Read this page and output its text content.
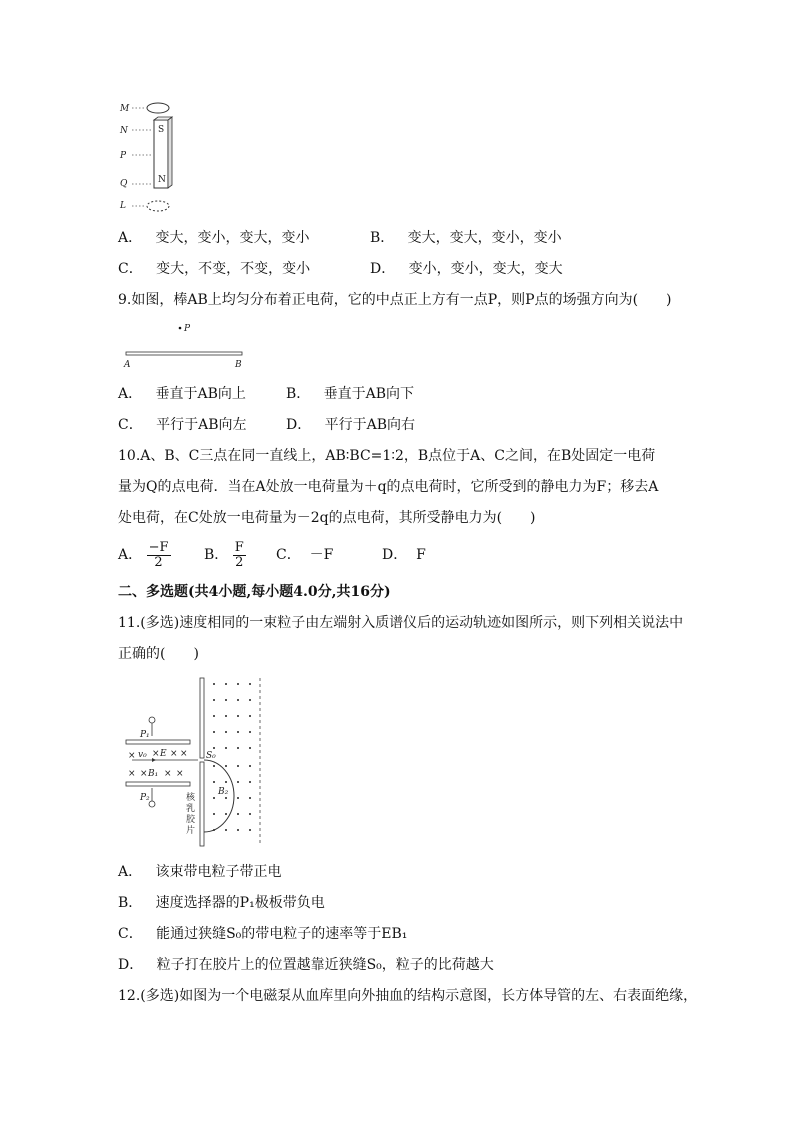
M
N
P
Q
L
S
N
A． 变大，变小，变大，变小	B． 变大，变大，变小，变小
C． 变大，不变，不变，变小	D． 变小，变小，变大，变大
9.如图，棒AB上均匀分布着正电荷，它的中点正上方有一点P，则P点的场强方向为(　　)
P
A	B
A． 垂直于AB向上	B． 垂直于AB向下
C． 平行于AB向左	D． 平行于AB向右
10.A、B、C三点在同一直线上，AB∶BC=1∶2，B点位于A、C之间，在B处固定一电荷
量为Q的点电荷．当在A处放一电荷量为＋q的点电荷时，它所受到的静电力为F；移去A
处电荷，在C处放一电荷量为－2q的点电荷，其所受静电力为(　　)
A． $\frac{-F}{2}$ B． $\frac{F}{2}$ C． －F	D． F
二、多选题(共4小题,每小题4.0分,共16分)
11.(多选)速度相同的一束粒子由左端射入质谱仪后的运动轨迹如图所示，则下列相关说法中
正确的(　　)
P₁
P₂
× v₀ × E × ×
× × B₁ × ×
S₀
B₂
核
乳
胶
片
A． 该束带电粒子带正电
B． 速度选择器的P₁极板带负电
C． 能通过狭缝S₀的带电粒子的速率等于EB₁
D． 粒子打在胶片上的位置越靠近狭缝S₀，粒子的比荷越大
12.(多选)如图为一个电磁泵从血库里向外抽血的结构示意图，长方体导管的左、右表面绝缘，
